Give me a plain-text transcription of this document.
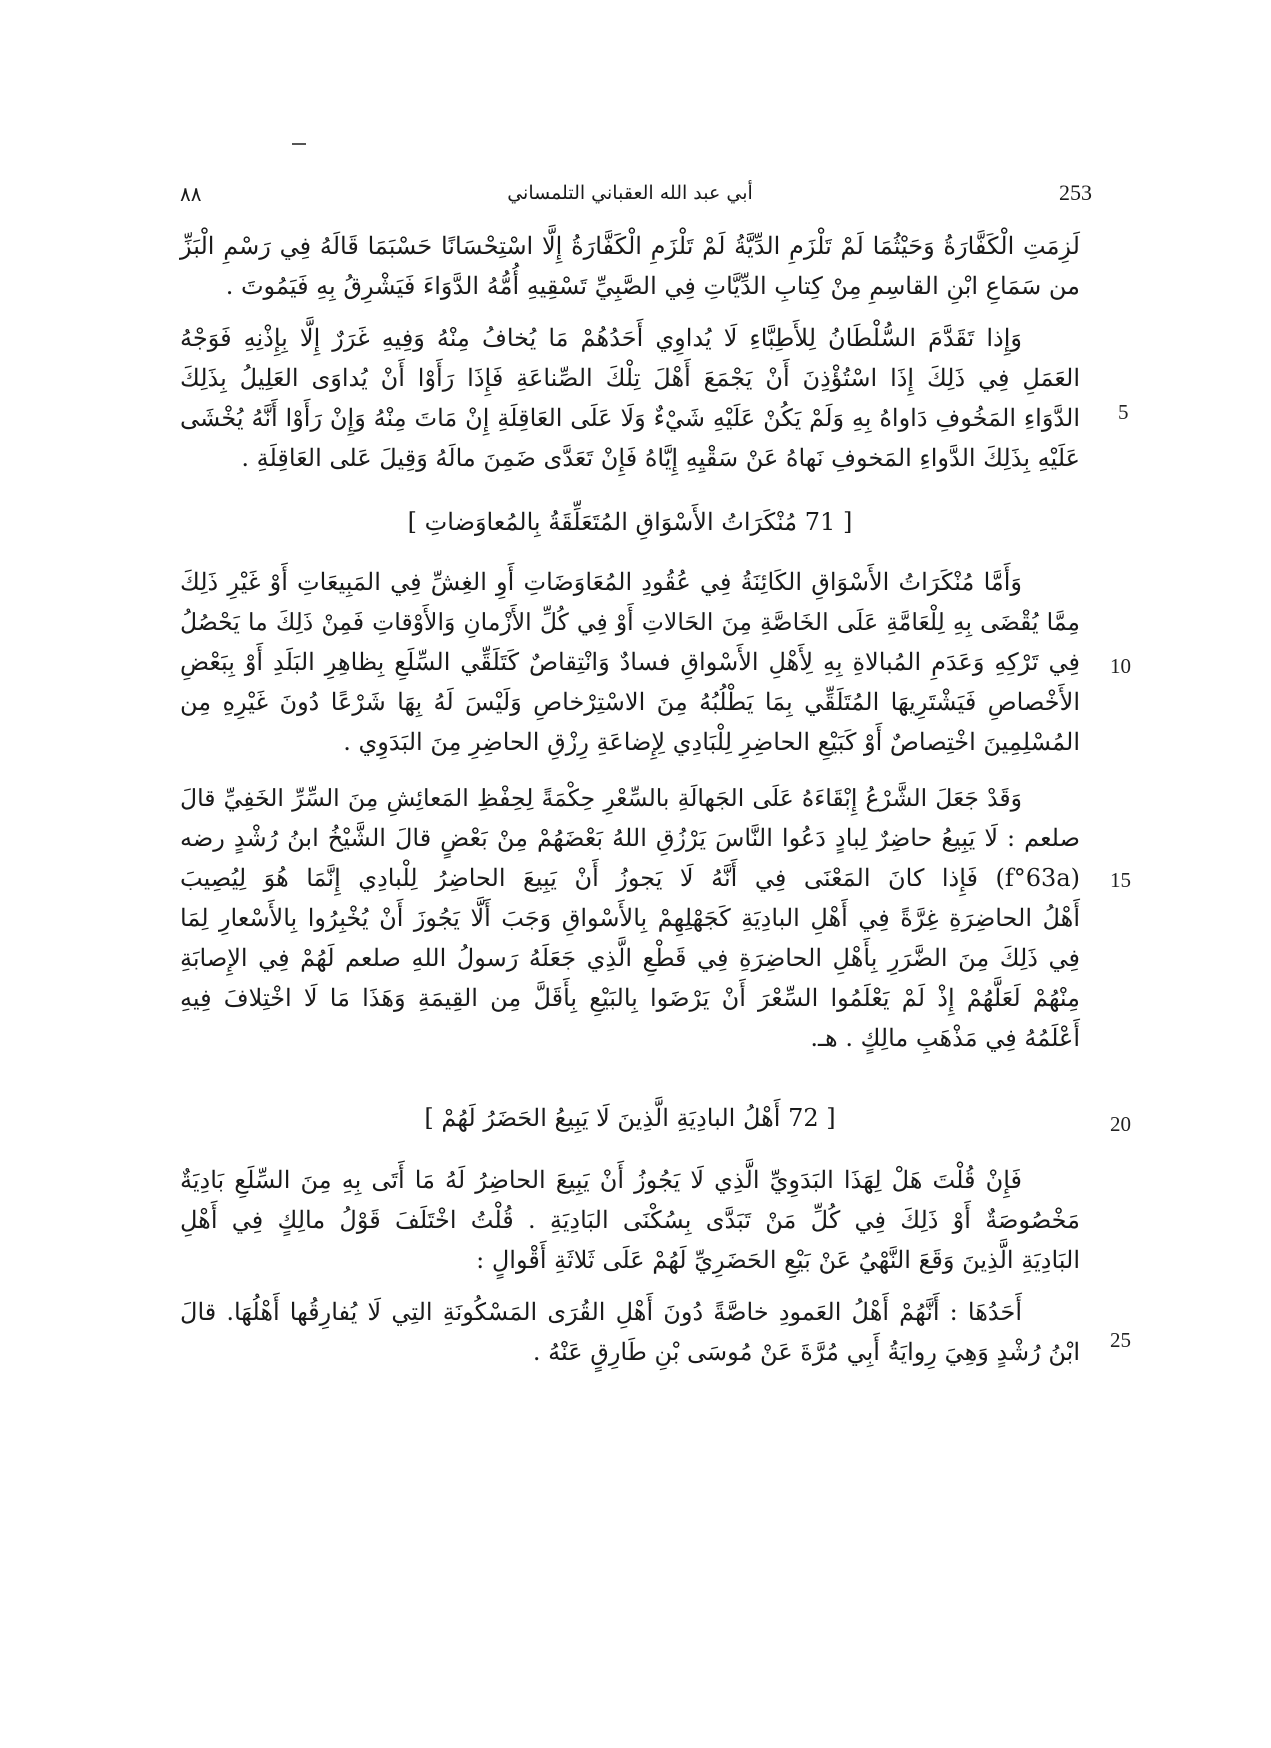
٨٨	أبي عبد الله العقباني التلمساني	253
لَزِمَتِ الْكَفَّارَةُ وَحَيْثُمَا لَمْ تَلْزَمِ الدِّيَّةُ لَمْ تَلْزَمِ الْكَفَّارَةُ إِلَّا اسْتِحْسَانًا حَسْبَمَا قَالَهُ فِي رَسْمِ الْبَزِّ
من سَمَاعِ ابْنِ القاسِمِ مِنْ كِتابِ الدِّيَّاتِ فِي الصَّبِيِّ تَسْقِيهِ أُمُّهُ الدَّوَاءَ فَيَشْرِقُ بِهِ فَيَمُوتَ .
وَإِذا تَقَدَّمَ السُّلْطَانُ لِلأَطِبَّاءِ لَا يُداوِي أَحَدُهُمْ مَا يُخافُ مِنْهُ وَفِيهِ غَرَرٌ إِلَّا بِإِذْنِهِ فَوَجْهُ
العَمَلِ فِي ذَلِكَ إِذَا اسْتُؤْذِنَ أَنْ يَجْمَعَ أَهْلَ تِلْكَ الصِّناعَةِ فَإِذَا رَأَوْا أَنْ يُداوَى العَلِيلُ بِذَلِكَ
الدَّوَاءِ المَخُوفِ دَاواهُ بِهِ وَلَمْ يَكُنْ عَلَيْهِ شَيْءٌ وَلَا عَلَى العَاقِلَةِ إِنْ مَاتَ مِنْهُ وَإِنْ رَأَوْا أَنَّهُ يُخْشَى
عَلَيْهِ بِذَلِكَ الدَّواءِ المَخوفِ نَهاهُ عَنْ سَقْيِهِ إِيَّاهُ فَإِنْ تَعَدَّى ضَمِنَ مالَهُ وَقِيلَ عَلى العَاقِلَةِ .
[ 71 مُنْكَرَاتُ الأَسْوَاقِ المُتَعَلِّقَةُ بِالمُعاوَضاتِ ]
وَأَمَّا مُنْكَرَاتُ الأَسْوَاقِ الكَائِنَةُ فِي عُقُودِ المُعَاوَضَاتِ أَوِ الغِشِّ فِي المَبِيعَاتِ أَوْ غَيْرِ ذَلِكَ
مِمَّا يُقْضَى بِهِ لِلْعَامَّةِ عَلَى الخَاصَّةِ مِنَ الحَالاتِ أَوْ فِي كُلِّ الأَزْمانِ وَالأَوْقاتِ فَمِنْ ذَلِكَ ما يَحْصُلُ
فِي تَرْكِهِ وَعَدَمِ المُبالاةِ بِهِ لِأَهْلِ الأَسْواقِ فسادٌ وَانْتِقاصٌ كَتَلَقِّي السِّلَعِ بِظاهِرِ البَلَدِ أَوْ بِبَعْضِ
الأَخْصاصِ فَيَشْتَرِيهَا المُتَلَقِّي بِمَا يَطْلُبُهُ مِنَ الاسْتِرْخاصِ وَلَيْسَ لَهُ بِهَا شَرْعًا دُونَ غَيْرِهِ مِن
المُسْلِمِينَ اخْتِصاصٌ أَوْ كَبَيْعِ الحاضِرِ لِلْبَادِي لِإِضاعَةِ رِزْقِ الحاضِرِ مِنَ البَدَوِي .
وَقَدْ جَعَلَ الشَّرْعُ إِبْقَاءَهُ عَلَى الجَهالَةِ بالسِّعْرِ حِكْمَةً لِحِفْظِ المَعائِشِ مِنَ السِّرِّ الخَفِيِّ قالَ
صلعم : لَا يَبِيعُ حاضِرٌ لِبادٍ دَعُوا النَّاسَ يَرْزُقِ اللهُ بَعْضَهُمْ مِنْ بَعْضٍ قالَ الشَّيْخُ ابنُ رُشْدٍ رضه
(f°63a) فَإِذا كانَ المَعْنَى فِي أَنَّهُ لَا يَجوزُ أَنْ يَبِيعَ الحاضِرُ لِلْبادِي إِنَّمَا هُوَ لِيُصِيبَ
أَهْلُ الحاضِرَةِ غِرَّةً فِي أَهْلِ البادِيَةِ كَجَهْلِهِمْ بِالأَسْواقِ وَجَبَ أَلَّا يَجُوزَ أَنْ يُخْبِرُوا بِالأَسْعارِ لِمَا
فِي ذَلِكَ مِنَ الضَّرَرِ بِأَهْلِ الحاضِرَةِ فِي قَطْعِ الَّذِي جَعَلَهُ رَسولُ اللهِ صلعم لَهُمْ فِي الإِصابَةِ
مِنْهُمْ لَعَلَّهُمْ إِذْ لَمْ يَعْلَمُوا السِّعْرَ أَنْ يَرْضَوا بِالبَيْعِ بِأَقَلَّ مِن القِيمَةِ وَهَذَا مَا لَا اخْتِلافَ فِيهِ
أَعْلَمُهُ فِي مَذْهَبِ مالِكٍ . هـ.
[ 72 أَهْلُ البادِيَةِ الَّذِينَ لَا يَبِيعُ الحَضَرُ لَهُمْ ]
فَإِنْ قُلْتَ هَلْ لِهَذَا البَدَوِيِّ الَّذِي لَا يَجُوزُ أَنْ يَبِيعَ الحاضِرُ لَهُ مَا أَتَى بِهِ مِنَ السِّلَعِ بَادِيَةٌ
مَخْصُوصَةٌ أَوْ ذَلِكَ فِي كُلِّ مَنْ تَبَدَّى بِسُكْنَى البَادِيَةِ . قُلْتُ اخْتَلَفَ قَوْلُ مالِكٍ فِي أَهْلِ
البَادِيَةِ الَّذِينَ وَقَعَ النَّهْيُ عَنْ بَيْعِ الحَضَرِيِّ لَهُمْ عَلَى ثَلاثَةِ أَقْوالٍ :
أَحَدُهَا : أَنَّهُمْ أَهْلُ العَمودِ خاصَّةً دُونَ أَهْلِ القُرَى المَسْكُونَةِ التِي لَا يُفارِقُها أَهْلُهَا. قالَ
ابْنُ رُشْدٍ وَهِيَ رِوايَةُ أَبِي مُرَّةَ عَنْ مُوسَى بْنِ طَارِقٍ عَنْهُ .
5
10
15
20
25
